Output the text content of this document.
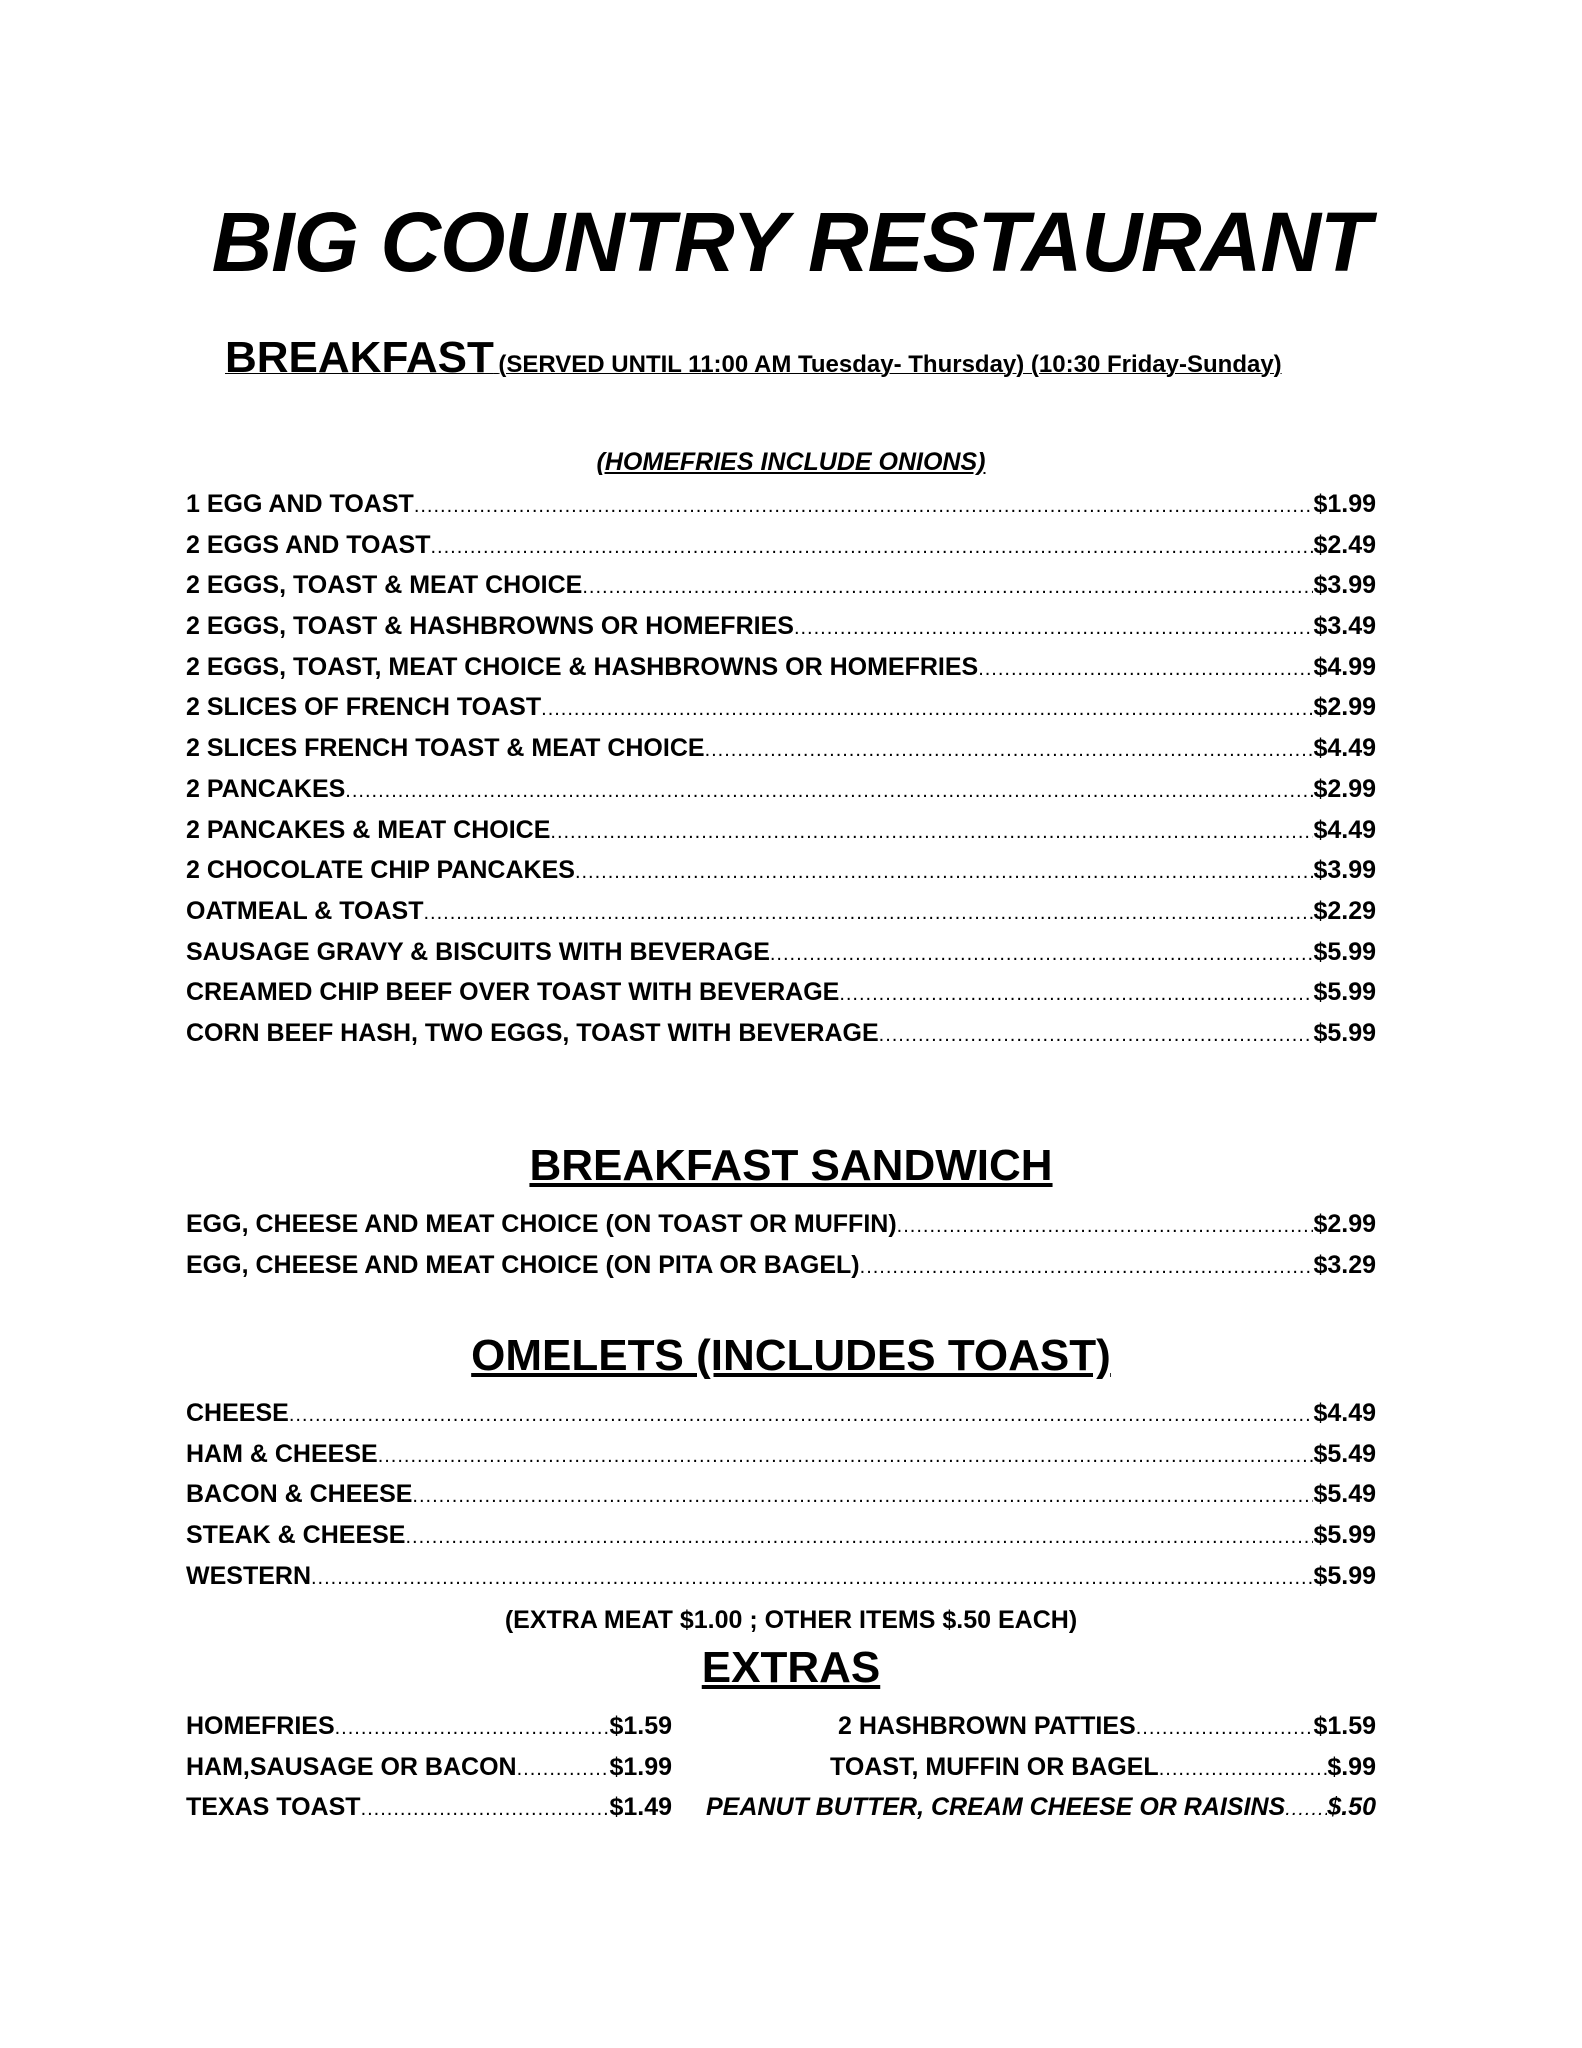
BIG COUNTRY RESTAURANT
BREAKFAST (SERVED UNTIL 11:00 AM Tuesday- Thursday) (10:30 Friday-Sunday)
(HOMEFRIES INCLUDE ONIONS)
1 EGG AND TOAST .....	$1.99
2 EGGS AND TOAST .....	$2.49
2 EGGS, TOAST & MEAT CHOICE .....	$3.99
2 EGGS, TOAST & HASHBROWNS OR HOMEFRIES .....	$3.49
2 EGGS, TOAST, MEAT CHOICE & HASHBROWNS OR HOMEFRIES .....	$4.99
2 SLICES OF FRENCH TOAST .....	$2.99
2 SLICES FRENCH TOAST & MEAT CHOICE .....	$4.49
2 PANCAKES .....	$2.99
2 PANCAKES & MEAT CHOICE .....	$4.49
2 CHOCOLATE CHIP PANCAKES .....	$3.99
OATMEAL & TOAST .....	$2.29
SAUSAGE GRAVY & BISCUITS WITH BEVERAGE .....	$5.99
CREAMED CHIP BEEF OVER TOAST WITH BEVERAGE .....	$5.99
CORN BEEF HASH, TWO EGGS, TOAST WITH BEVERAGE .....	$5.99
BREAKFAST SANDWICH
EGG, CHEESE AND MEAT CHOICE (ON TOAST OR MUFFIN) .....	$2.99
EGG, CHEESE AND MEAT CHOICE (ON PITA OR BAGEL) .....	$3.29
OMELETS (INCLUDES TOAST)
CHEESE .....	$4.49
HAM & CHEESE .....	$5.49
BACON & CHEESE .....	$5.49
STEAK & CHEESE .....	$5.99
WESTERN .....	$5.99
(EXTRA MEAT $1.00 ; OTHER ITEMS $.50 EACH)
EXTRAS
HOMEFRIES .....	$1.59
HAM,SAUSAGE OR BACON .....	$1.99
TEXAS TOAST .....	$1.49
2 HASHBROWN PATTIES .....	$1.59
TOAST, MUFFIN OR BAGEL .....	$.99
PEANUT BUTTER, CREAM CHEESE OR RAISINS ..... $.50
